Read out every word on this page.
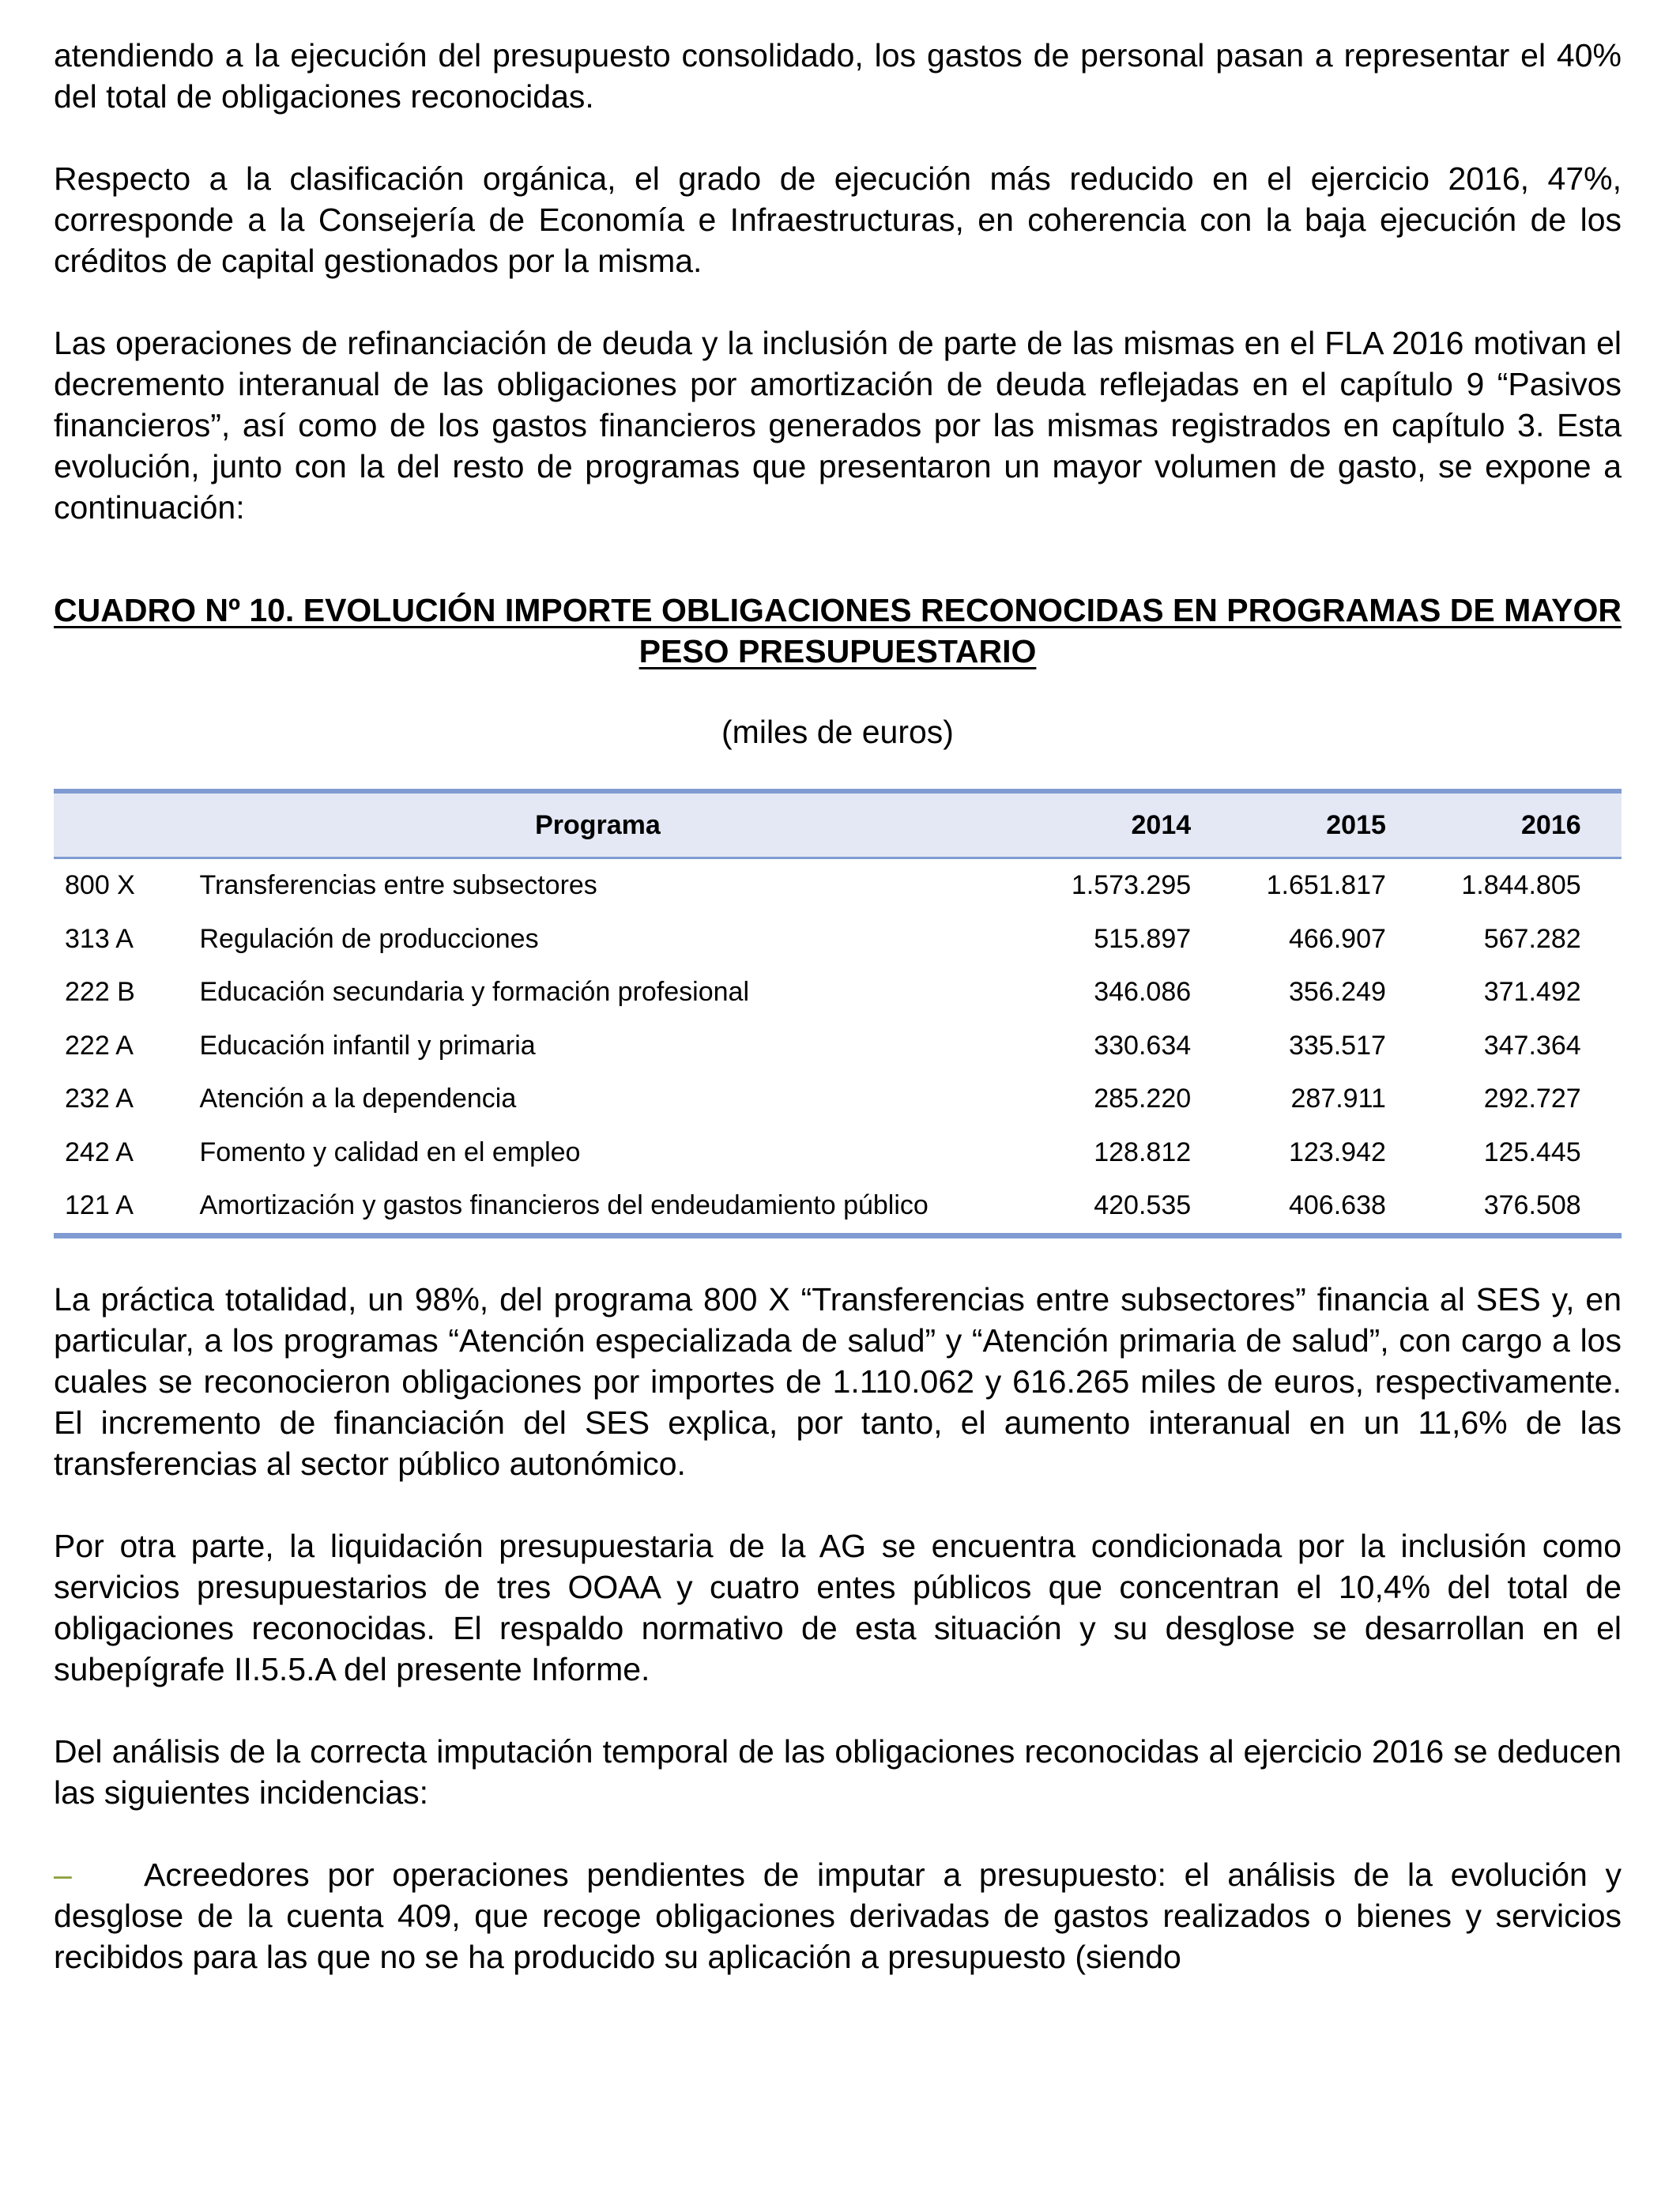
atendiendo a la ejecución del presupuesto consolidado, los gastos de personal pasan a representar el 40% del total de obligaciones reconocidas.

Respecto a la clasificación orgánica, el grado de ejecución más reducido en el ejercicio 2016, 47%, corresponde a la Consejería de Economía e Infraestructuras, en coherencia con la baja ejecución de los créditos de capital gestionados por la misma.

Las operaciones de refinanciación de deuda y la inclusión de parte de las mismas en el FLA 2016 motivan el decremento interanual de las obligaciones por amortización de deuda reflejadas en el capítulo 9 “Pasivos financieros”, así como de los gastos financieros generados por las mismas registrados en capítulo 3. Esta evolución, junto con la del resto de programas que presentaron un mayor volumen de gasto, se expone a continuación:

CUADRO Nº 10. EVOLUCIÓN IMPORTE OBLIGACIONES RECONOCIDAS EN PROGRAMAS DE MAYOR PESO PRESUPUESTARIO
(miles de euros)
	Programa	2014	2015	2016	
800 X	Transferencias entre subsectores	1.573.295	1.651.817	1.844.805	
313 A	Regulación de producciones	515.897	466.907	567.282	
222 B	Educación secundaria y formación profesional	346.086	356.249	371.492	
222 A	Educación infantil y primaria	330.634	335.517	347.364	
232 A	Atención a la dependencia	285.220	287.911	292.727	
242 A	Fomento y calidad en el empleo	128.812	123.942	125.445	
121 A	Amortización y gastos financieros del endeudamiento público	420.535	406.638	376.508	

La práctica totalidad, un 98%, del programa 800 X “Transferencias entre subsectores” financia al SES y, en particular, a los programas “Atención especializada de salud” y “Atención primaria de salud”, con cargo a los cuales se reconocieron obligaciones por importes de 1.110.062 y 616.265 miles de euros, respectivamente. El incremento de financiación del SES explica, por tanto, el aumento interanual en un 11,6% de las transferencias al sector público autonómico.

Por otra parte, la liquidación presupuestaria de la AG se encuentra condicionada por la inclusión como servicios presupuestarios de tres OOAA y cuatro entes públicos que concentran el 10,4% del total de obligaciones reconocidas. El respaldo normativo de esta situación y su desglose se desarrollan en el subepígrafe II.5.5.A del presente Informe.

Del análisis de la correcta imputación temporal de las obligaciones reconocidas al ejercicio 2016 se deducen las siguientes incidencias:

– Acreedores por operaciones pendientes de imputar a presupuesto: el análisis de la evolución y desglose de la cuenta 409, que recoge obligaciones derivadas de gastos realizados o bienes y servicios recibidos para las que no se ha producido su aplicación a presupuesto (siendo
